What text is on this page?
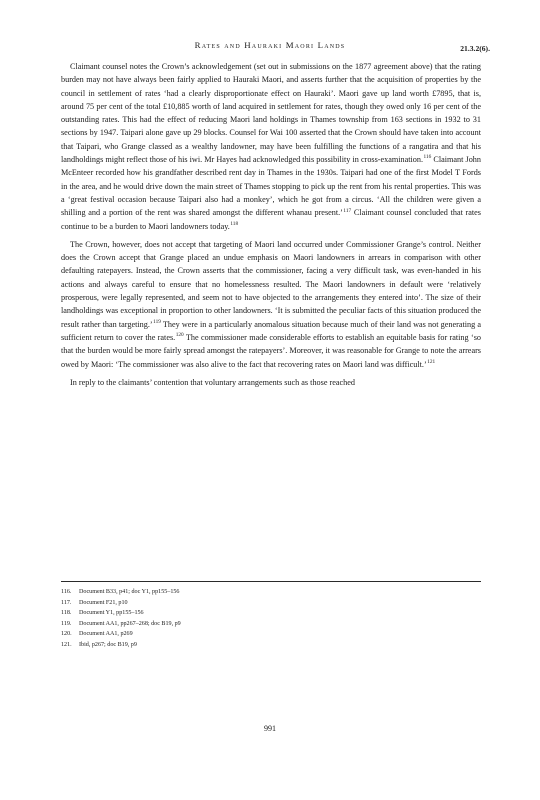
Rates and Hauraki Maori Lands	21.3.2(6).

Claimant counsel notes the Crown’s acknowledgement (set out in submissions on the 1877 agreement above) that the rating burden may not have always been fairly applied to Hauraki Maori, and asserts further that the acquisition of properties by the council in settlement of rates ‘had a clearly disproportionate effect on Hauraki’. Maori gave up land worth £7895, that is, around 75 per cent of the total £10,885 worth of land acquired in settlement for rates, though they owed only 16 per cent of the outstanding rates. This had the effect of reducing Maori land holdings in Thames township from 163 sections in 1932 to 31 sections by 1947. Taipari alone gave up 29 blocks. Counsel for Wai 100 asserted that the Crown should have taken into account that Taipari, who Grange classed as a wealthy landowner, may have been fulfilling the functions of a rangatira and that his landholdings might reflect those of his iwi. Mr Hayes had acknowledged this possibility in cross-examination.$^{116}$ Claimant John McEnteer recorded how his grandfather described rent day in Thames in the 1930s. Taipari had one of the first Model T Fords in the area, and he would drive down the main street of Thames stopping to pick up the rent from his rental properties. This was a ‘great festival occasion because Taipari also had a monkey’, which he got from a circus. ‘All the children were given a shilling and a portion of the rent was shared amongst the different whanau present.’$^{117}$ Claimant counsel concluded that rates continue to be a burden to Maori landowners today.$^{118}$

The Crown, however, does not accept that targeting of Maori land occurred under Commissioner Grange’s control. Neither does the Crown accept that Grange placed an undue emphasis on Maori landowners in arrears in comparison with other defaulting ratepayers. Instead, the Crown asserts that the commissioner, facing a very difficult task, was even-handed in his actions and always careful to ensure that no homelessness resulted. The Maori landowners in default were ‘relatively prosperous, were legally represented, and seem not to have objected to the arrangements they entered into’. The size of their landholdings was exceptional in proportion to other landowners. ‘It is submitted the peculiar facts of this situation produced the result rather than targeting.’$^{119}$ They were in a particularly anomalous situation because much of their land was not generating a sufficient return to cover the rates.$^{120}$ The commissioner made considerable efforts to establish an equitable basis for rating ‘so that the burden would be more fairly spread amongst the ratepayers’. Moreover, it was reasonable for Grange to note the arrears owed by Maori: ‘The commissioner was also alive to the fact that recovering rates on Maori land was difficult.’$^{121}$

In reply to the claimants’ contention that voluntary arrangements such as those reached

116.	Document B33, p41; doc Y1, pp155–156
117.	Document F21, p10
118.	Document Y1, pp155–156
119.	Document AA1, pp267–268; doc B19, p9
120.	Document AA1, p269
121.	Ibid, p267; doc B19, p9
991
